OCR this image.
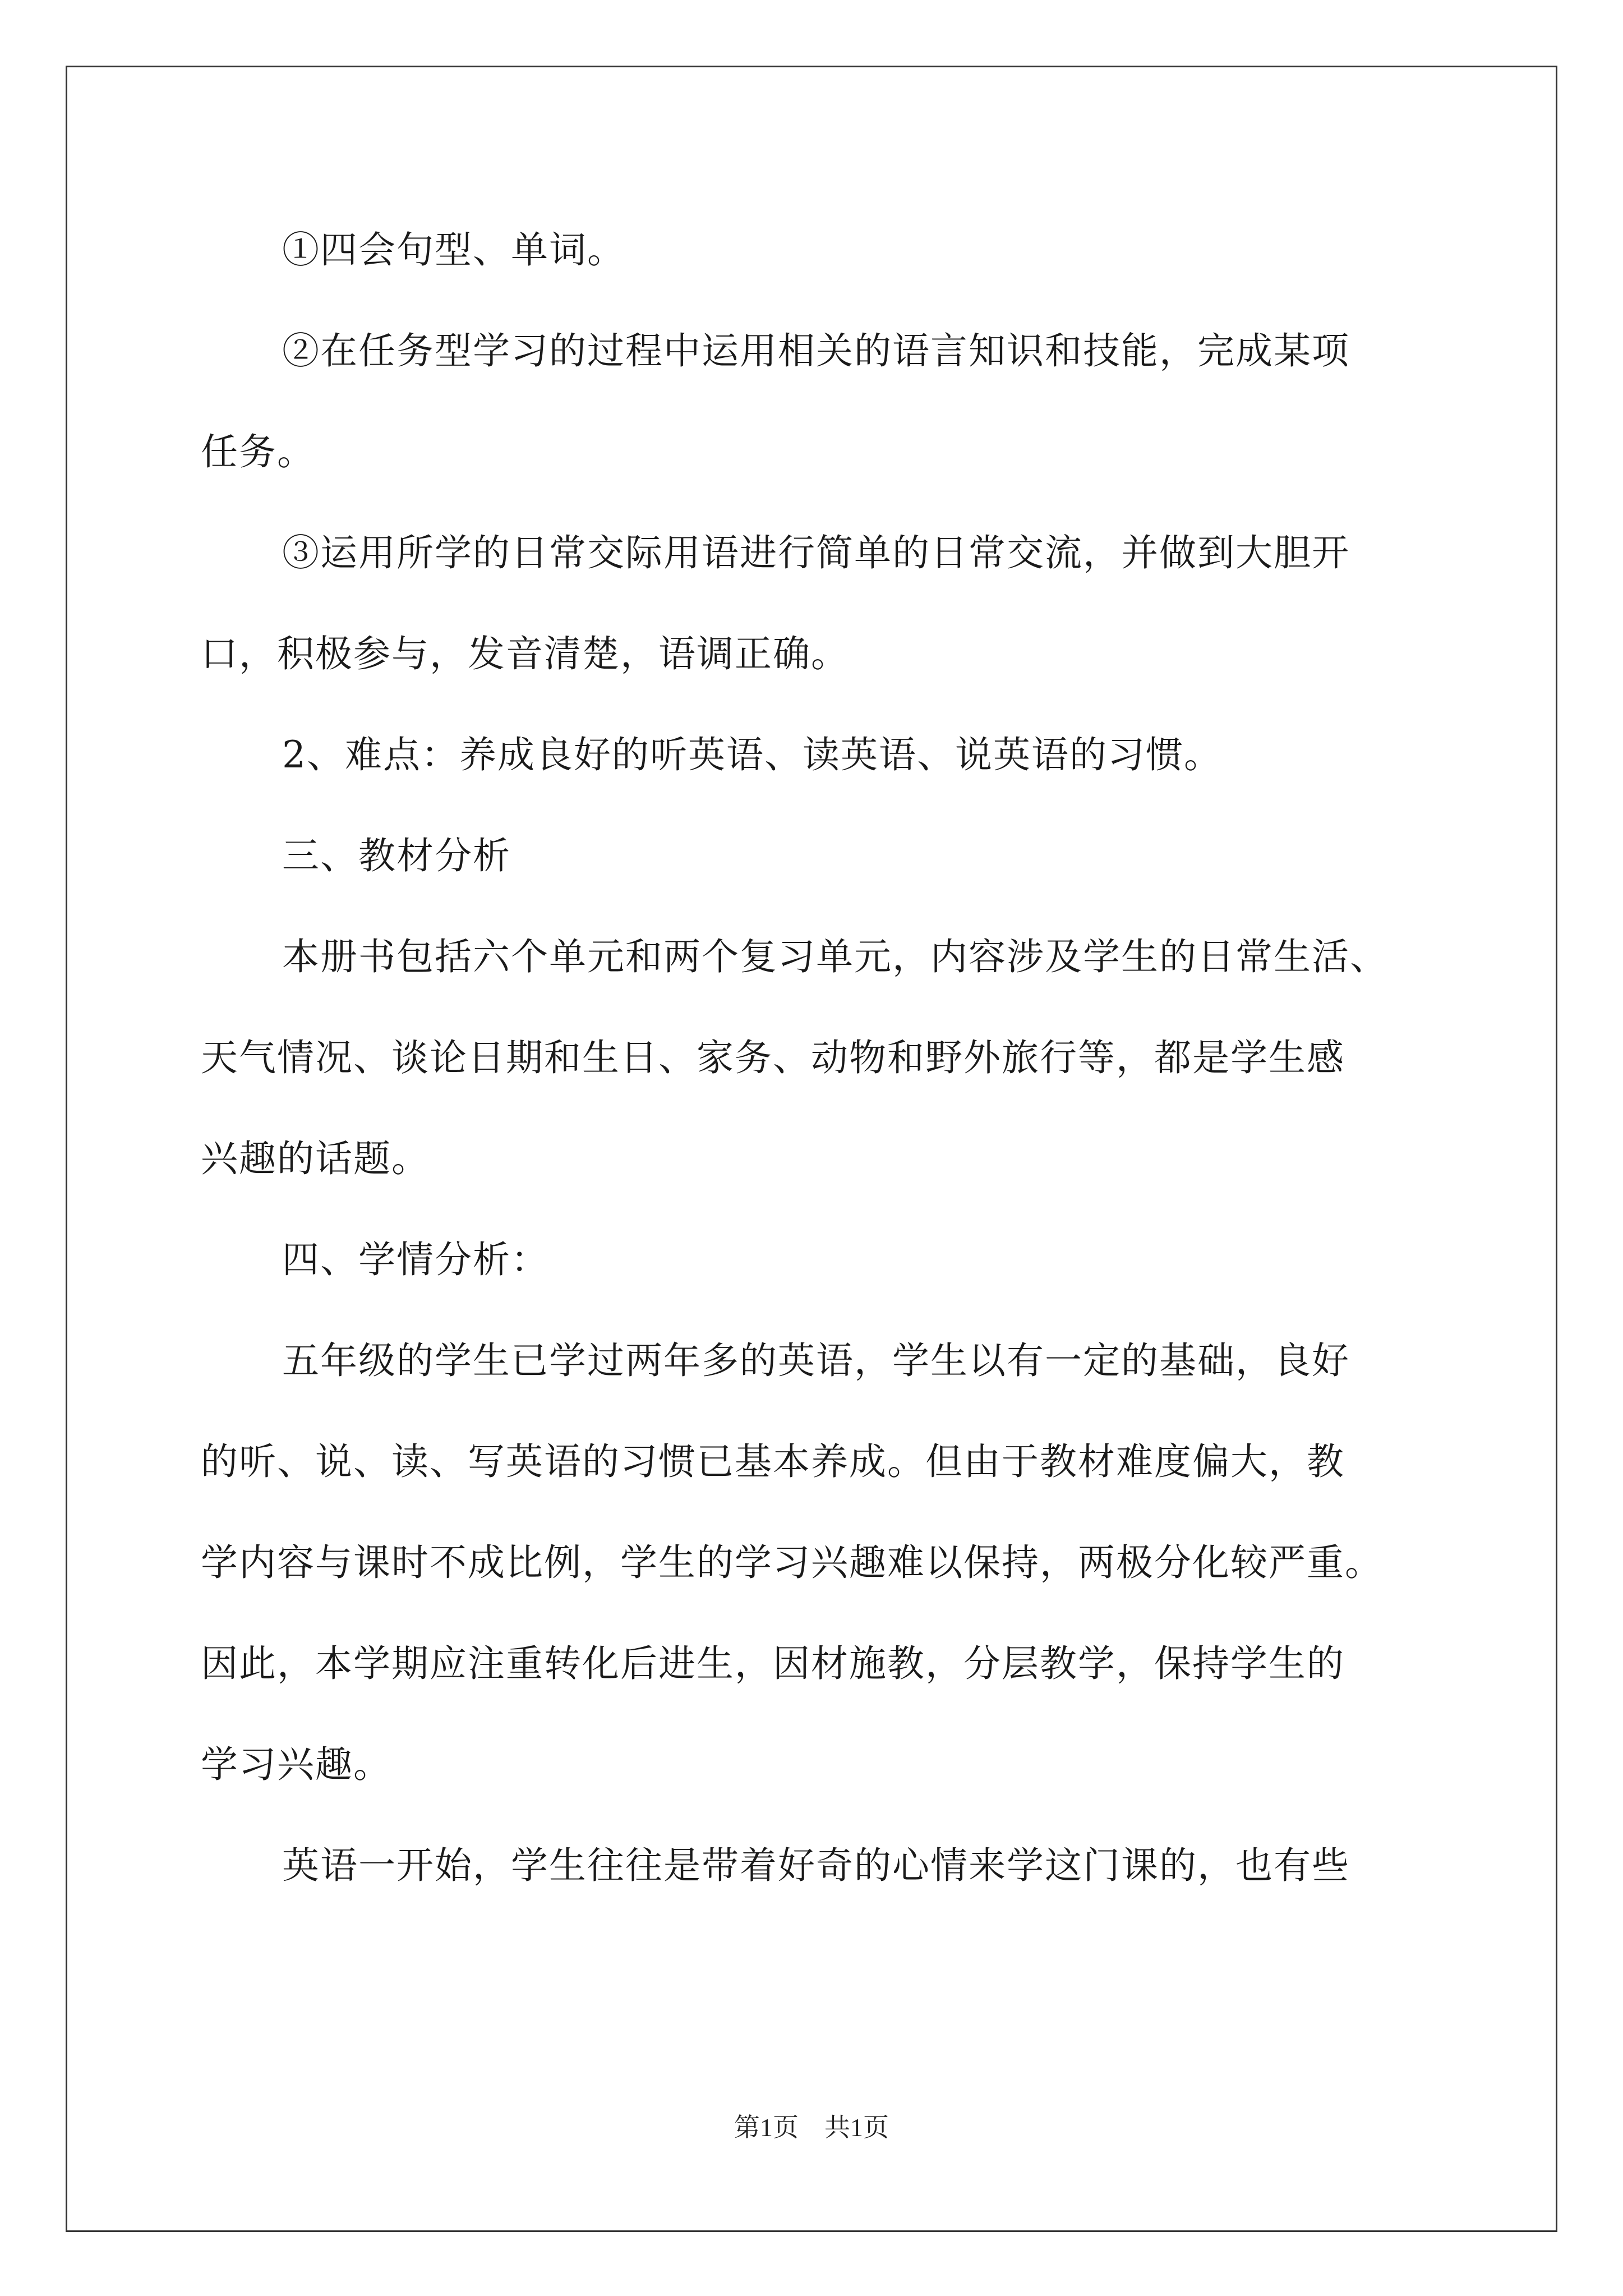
①四会句型、单词。
②在任务型学习的过程中运用相关的语言知识和技能，完成某项
任务。
③运用所学的日常交际用语进行简单的日常交流，并做到大胆开
口，积极参与，发音清楚，语调正确。
2、难点：养成良好的听英语、读英语、说英语的习惯。
三、教材分析
本册书包括六个单元和两个复习单元，内容涉及学生的日常生活、
天气情况、谈论日期和生日、家务、动物和野外旅行等，都是学生感
兴趣的话题。
四、学情分析：
五年级的学生已学过两年多的英语，学生以有一定的基础，良好
的听、说、读、写英语的习惯已基本养成。但由于教材难度偏大，教
学内容与课时不成比例，学生的学习兴趣难以保持，两极分化较严重。
因此，本学期应注重转化后进生，因材施教，分层教学，保持学生的
学习兴趣。
英语一开始，学生往往是带着好奇的心情来学这门课的，也有些
第1页 共1页
